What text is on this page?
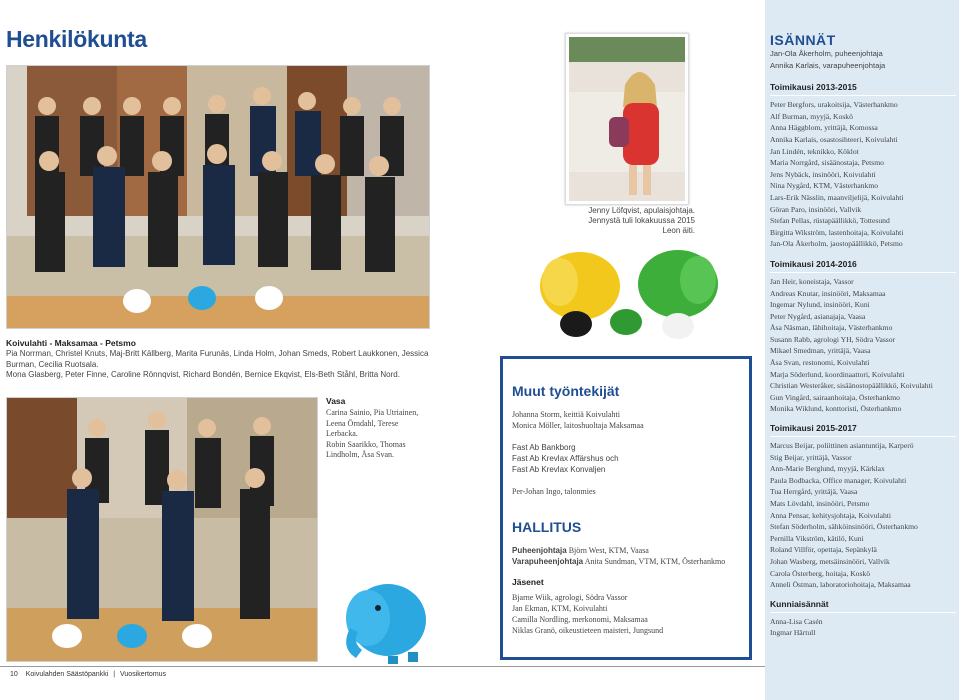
Henkilökunta
Koivulahti - Maksamaa - Petsmo
Pia Norrman, Christel Knuts, Maj-Britt Källberg, Marita Furunäs, Linda Holm, Johan Smeds, Robert Laukkonen, Jessica
Burman, Cecilia Ruotsala.
Mona Glasberg, Peter Finne, Caroline Rönnqvist, Richard Bondén, Bernice Ekqvist, Els-Beth Ståhl, Britta Nord.
Vasa
Carina Sainio, Pia Utriainen,
Leena Örndahl, Terese
Lerbacka.
Robin Saarikko, Thomas
Lindholm, Åsa Svan.
Jenny Löfqvist, apulaisjohtaja.
Jennystä tuli lokakuussa 2015
Leon äiti.
Muut työntekijät
Johanna Storm, keittiä Koivulahti
Monica Möller, laitoshuoltaja Maksamaa
Fast Ab Bankborg
Fast Ab Krevlax Affärshus och
Fast Ab Krevlax Konvaljen
Per-Johan Ingo, talonmies
HALLITUS
Puheenjohtaja Björn West, KTM, Vaasa
Varapuheenjohtaja Anita Sundman, VTM, KTM, Österhankmo
Jäsenet
Bjarne Wiik, agrologi, Södra Vassor
Jan Ekman, KTM, Koivulahti
Camilla Nordling, merkonomi, Maksamaa
Niklas Granö, oikeustieteen maisteri, Jungsund
ISÄNNÄT
Jan-Ola Åkerholm, puheenjohtaja
Annika Karlais, varapuheenjohtaja
Toimikausi 2013-2015
Peter Bergfors, urakoitsija, Västerhankmo
Alf Burman, myyjä, Koskö
Anna Häggblom, yrittäjä, Komossa
Annika Karlais, osastosihteeri, Koivulahti
Jan Lindén, teknikko, Köklot
Maria Norrgård, sisäänostaja, Petsmo
Jens Nybäck, insinööri, Koivulahti
Nina Nygård, KTM, Västerhankmo
Lars-Erik Nässlin, maanviljelijä, Koivulahti
Göran Paro, insinööri, Vallvik
Stefan Pellas, rüstapäällikkö, Tottesund
Birgitta Wikström, lastenhoitaja, Koivulahti
Jan-Ola Åkerholm, jaostopäällikkö, Petsmo
Toimikausi 2014-2016
Jan Heir, koneistaja, Vassor
Andreas Knutar, insinööri, Maksamaa
Ingemar Nylund, insinööri, Kuni
Peter Nygård, asianajaja, Vaasa
Åsa Näsman, lähihoitaja, Västerhankmo
Susann Rabb, agrologi YH, Södra Vassor
Mikael Smedman, yrittäjä, Vaasa
Åsa Svan, restonomi, Koivulahti
Marja Söderlund, koordinaattori, Koivulahti
Christian Westeråker, sisäänostopäällikkö, Koivulahti
Gun Vingård, sairaanhoitaja, Österhankmo
Monika Wiklund, konttoristi, Österhankmo
Toimikausi 2015-2017
Marcus Beijar, poliittinen asiantuntija, Karperö
Stig Beijar, yrittäjä, Vassor
Ann-Marie Berglund, myyjä, Kärklax
Paula Bodbacka, Office manager, Koivulahti
Tua Herrgård, yrittäjä, Vaasa
Mats Lövdahl, insinööri, Petsmo
Anna Pensar, kehitysjohtaja, Koivulahti
Stefan Söderholm, sähköinsinööri, Österhankmo
Pernilla Vikström, kätilö, Kuni
Roland Villför, opettaja, Sepänkylä
Johan Wasberg, metsäinsinööri, Vallvik
Carola Österberg, hoitaja, Koskö
Anneli Östman, laboratoriohoitaja, Maksamaa
Kunniaisännät
Anna-Lisa Casén
Ingmar Härtull
10 Koivulahden Säästöpankki | Vuosikertomus
